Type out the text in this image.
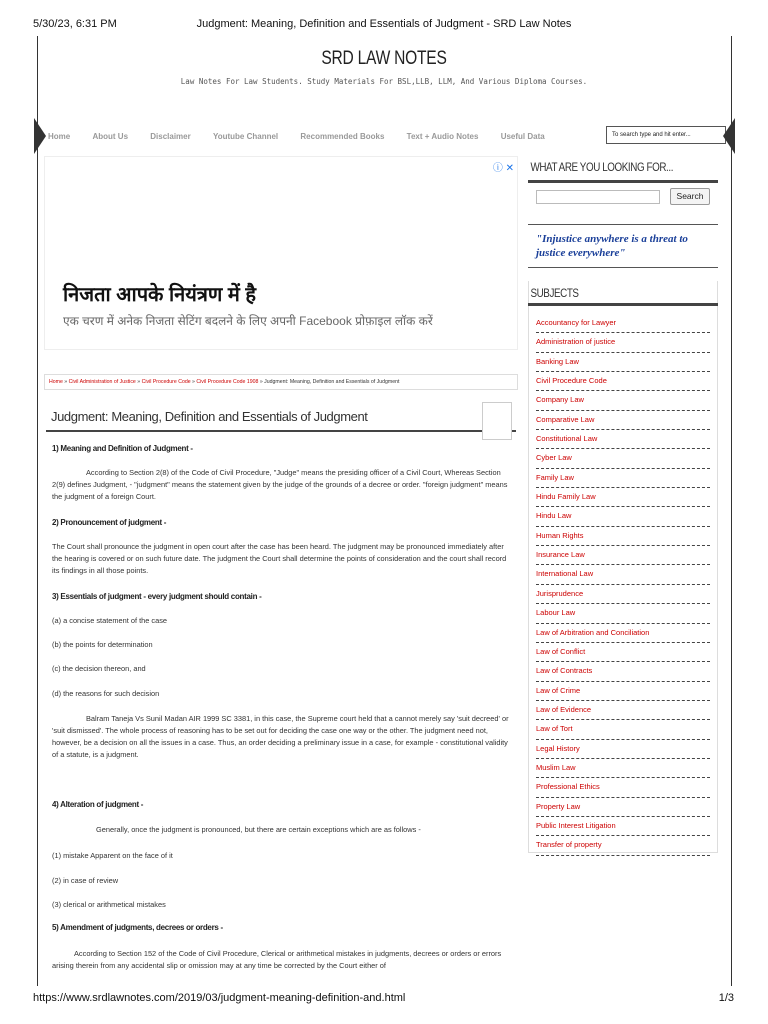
5/30/23, 6:31 PM	Judgment: Meaning, Definition and Essentials of Judgment - SRD Law Notes
SRD LAW NOTES
Law Notes For Law Students. Study Materials For BSL,LLB, LLM, And Various Diploma Courses.
Home	About Us	Disclaimer	Youtube Channel	Recommended Books	Text + Audio Notes	Useful Data	To search type and hit enter...
ⓘ ✕
निजता आपके नियंत्रण में है
एक चरण में अनेक निजता सेटिंग बदलने के लिए अपनी Facebook प्रोफ़ाइल लॉक करें
Home » Civil Administration of Justice » Civil Procedure Code » Civil Procedure Code 1908 » Judgment: Meaning, Definition and Essentials of Judgment
Judgment: Meaning, Definition and Essentials of Judgment
1) Meaning and Definition of Judgment -
According to Section 2(8) of the Code of Civil Procedure, "Judge" means the presiding officer of a Civil Court, Whereas Section 2(9) defines Judgment, - "judgment" means the statement given by the judge of the grounds of a decree or order. "foreign judgment" means the judgment of a foreign Court.
2) Pronouncement of judgment -
The Court shall pronounce the judgment in open court after the case has been heard. The judgment may be pronounced immediately after the hearing is covered or on such future date. The judgment the Court shall determine the points of consideration and the court shall record its findings in all those points.
3) Essentials of judgment - every judgment should contain -
(a) a concise statement of the case
(b) the points for determination
(c) the decision thereon, and
(d) the reasons for such decision
Balram Taneja Vs Sunil Madan AIR 1999 SC 3381, in this case, the Supreme court held that a cannot merely say 'suit decreed' or 'suit dismissed'. The whole process of reasoning has to be set out for deciding the case one way or the other. The judgment need not, however, be a decision on all the issues in a case. Thus, an order deciding a preliminary issue in a case, for example - constitutional validity of a statute, is a judgment.
4) Alteration of judgment -
Generally, once the judgment is pronounced, but there are certain exceptions which are as follows -
(1) mistake Apparent on the face of it
(2) in case of review
(3) clerical or arithmetical mistakes
5) Amendment of judgments, decrees or orders -
According to Section 152 of the Code of Civil Procedure, Clerical or arithmetical mistakes in judgments, decrees or orders or errors arising therein from any accidental slip or omission may at any time be corrected by the Court either of
WHAT ARE YOU LOOKING FOR...
Search
"Injustice anywhere is a threat to justice everywhere"
SUBJECTS
Accountancy for Lawyer
Administration of justice
Banking Law
Civil Procedure Code
Company Law
Comparative Law
Constitutional Law
Cyber Law
Family Law
Hindu Family Law
Hindu Law
Human Rights
Insurance Law
International Law
Jurisprudence
Labour Law
Law of Arbitration and Conciliation
Law of Conflict
Law of Contracts
Law of Crime
Law of Evidence
Law of Tort
Legal History
Muslim Law
Professional Ethics
Property Law
Public Interest Litigation
Transfer of property
https://www.srdlawnotes.com/2019/03/judgment-meaning-definition-and.html	1/3
